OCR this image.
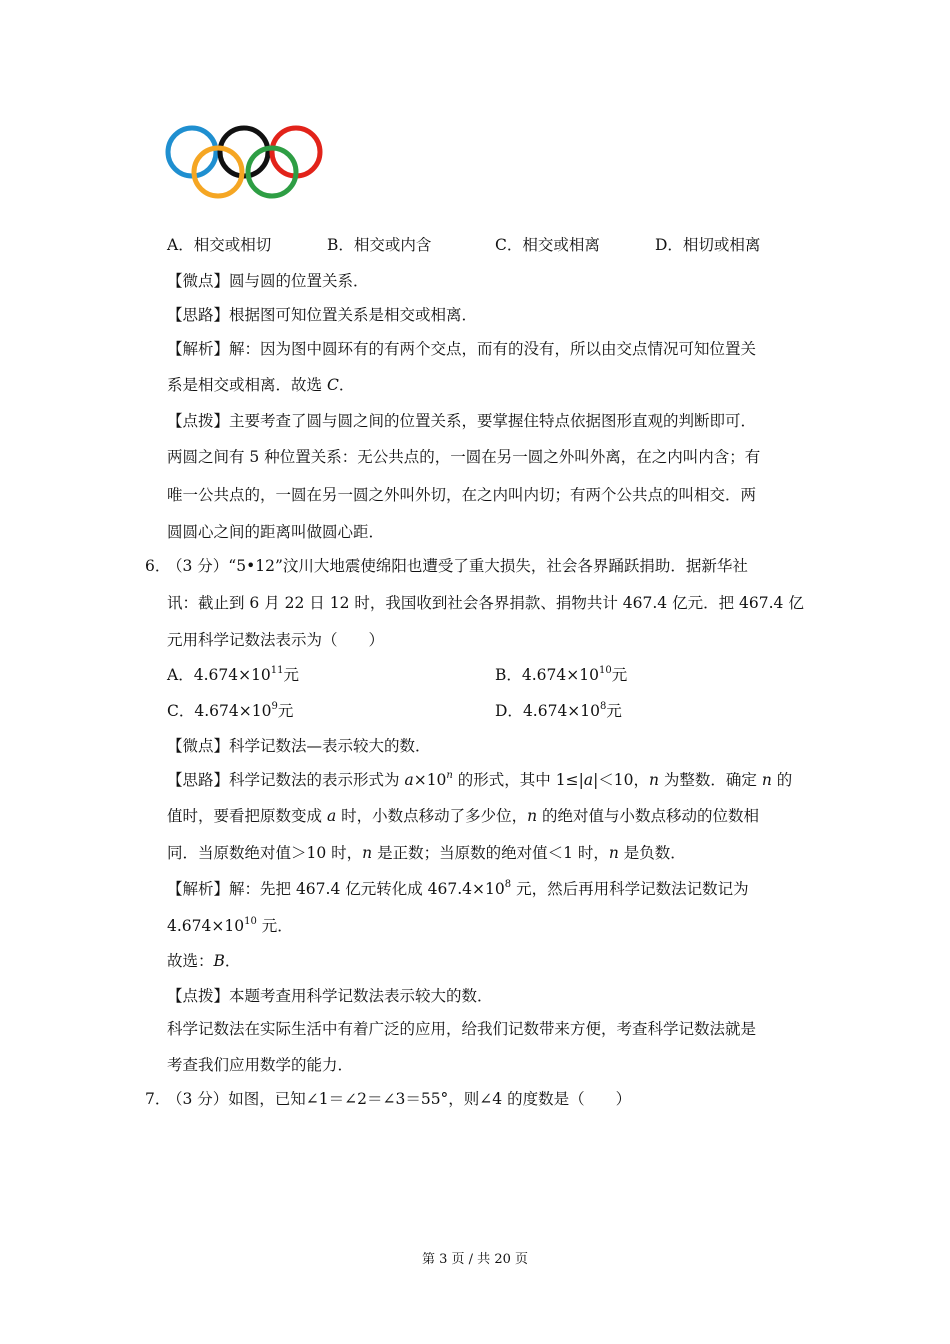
A．相交或相切	B．相交或内含	C．相交或相离	D．相切或相离
【微点】圆与圆的位置关系．
【思路】根据图可知位置关系是相交或相离．
【解析】解：因为图中圆环有的有两个交点，而有的没有，所以由交点情况可知位置关
系是相交或相离．故选 C．
【点拨】主要考查了圆与圆之间的位置关系，要掌握住特点依据图形直观的判断即可．
两圆之间有 5 种位置关系：无公共点的，一圆在另一圆之外叫外离，在之内叫内含；有
唯一公共点的，一圆在另一圆之外叫外切，在之内叫内切；有两个公共点的叫相交．两
圆圆心之间的距离叫做圆心距．
6．
（3 分）“5•12”汶川大地震使绵阳也遭受了重大损失，社会各界踊跃捐助．据新华社
讯：截止到 6 月 22 日 12 时，我国收到社会各界捐款、捐物共计 467.4 亿元．把 467.4 亿
元用科学记数法表示为（　　）
A．$4.674\times 10^{11}$元	B．$4.674\times 10^{10}$元
C．$4.674\times 10^9$元	D．$4.674\times 10^8$元
【微点】科学记数法—表示较大的数．
【思路】科学记数法的表示形式为 $a\times 10^n$ 的形式，其中 1≤|a|＜10，n 为整数．确定 n 的
值时，要看把原数变成 a 时，小数点移动了多少位，n 的绝对值与小数点移动的位数相
同．当原数绝对值＞10 时，n 是正数；当原数的绝对值＜1 时，n 是负数．
【解析】解：先把 467.4 亿元转化成 $467.4\times 10^8$ 元，然后再用科学记数法记数记为
$4.674\times 10^{10}$ 元．
故选：B．
【点拨】本题考查用科学记数法表示较大的数．
科学记数法在实际生活中有着广泛的应用，给我们记数带来方便，考查科学记数法就是
考查我们应用数学的能力．
7．
（3 分）如图，已知∠1＝∠2＝∠3＝55°，则∠4 的度数是（　　）
第 3 页 / 共 20 页
